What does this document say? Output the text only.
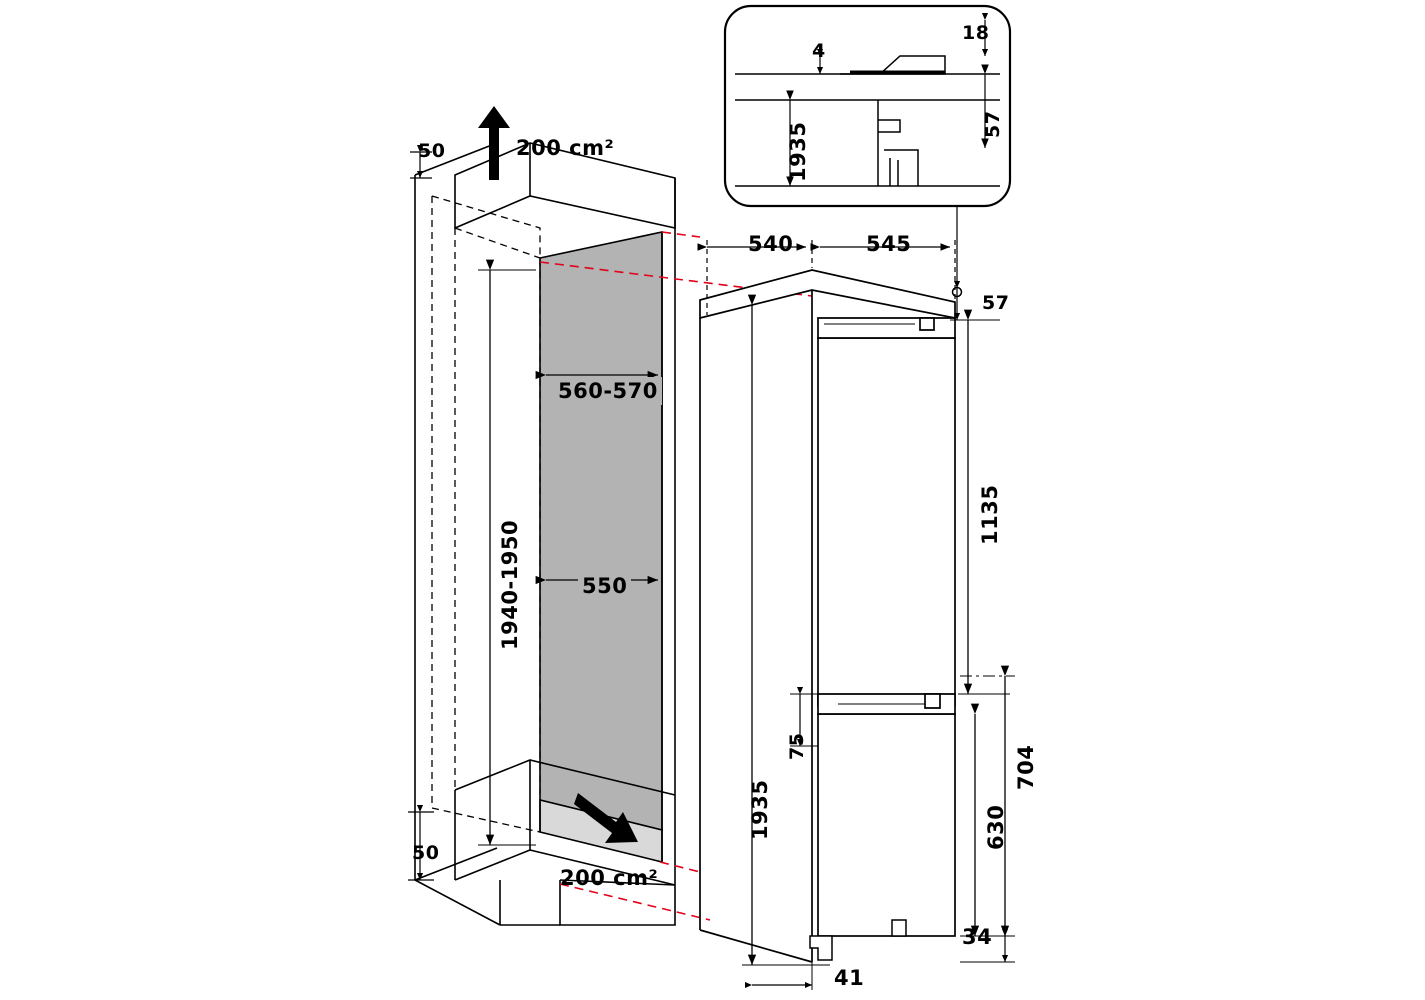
50	200 cm²
50
200 cm²
560-570
550
1940-1950
540	545
57
1135
75
1935	630
704
34
41
18
4
57
1935
